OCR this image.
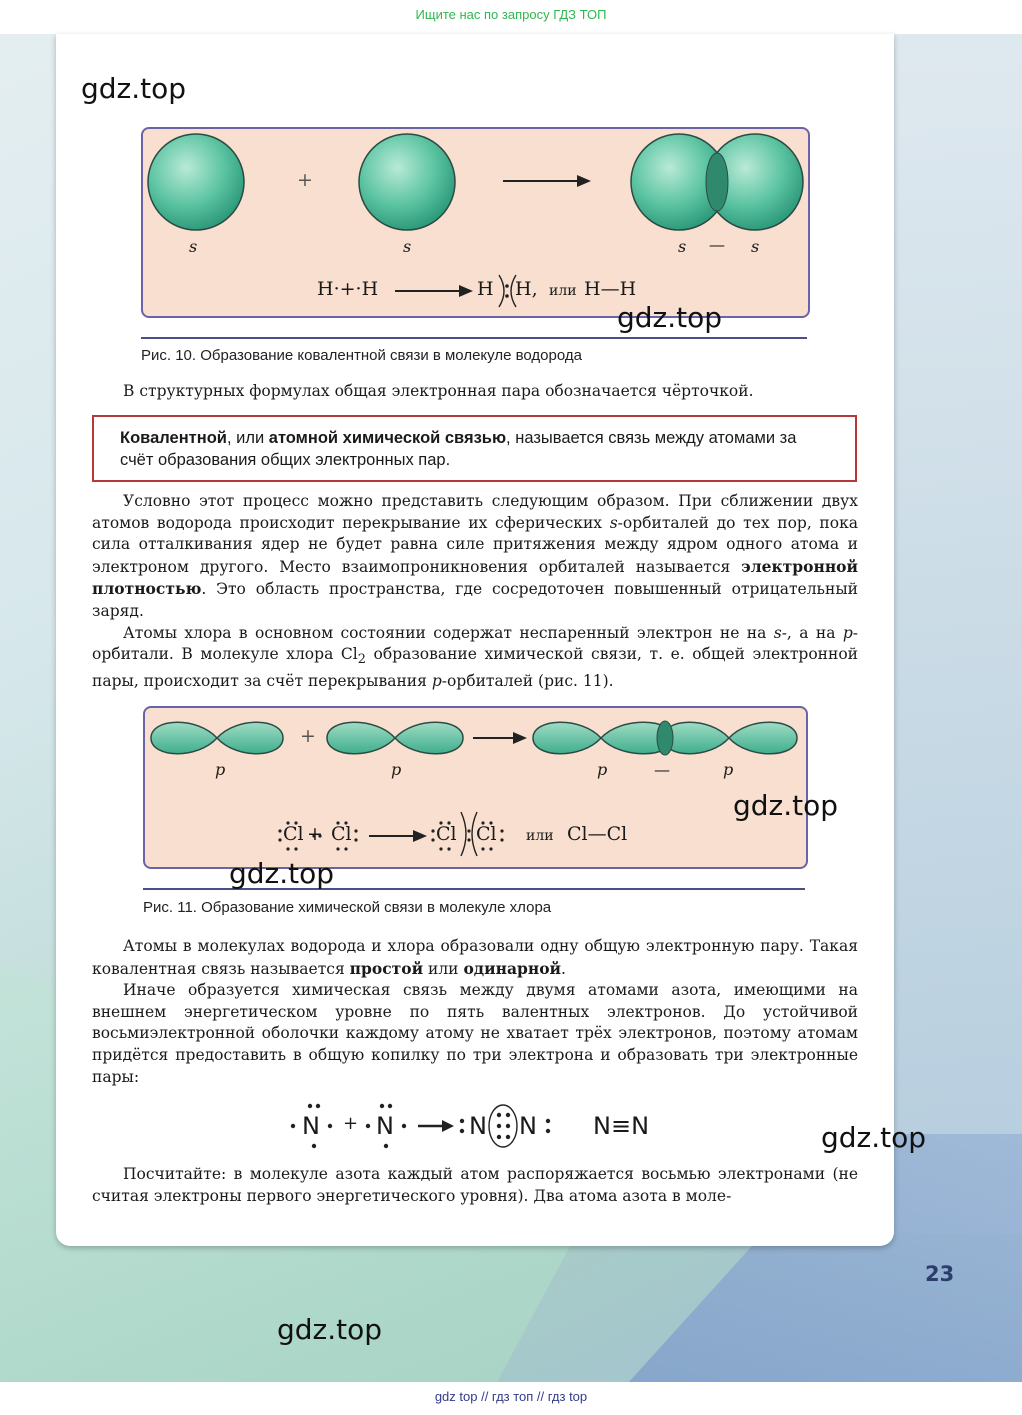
Ищите нас по запросу ГДЗ ТОП
+
s	s	s — s
H·+·H	H H, или H—H
Рис. 10. Образование ковалентной связи в молекуле водорода

В структурных формулах общая электронная пара обозначается чёрточкой.

Ковалентной, или атомной химической связью, называется связь между атомами за счёт образования общих электронных пар.

Условно этот процесс можно представить следующим образом. При сближении двух атомов водорода происходит перекрывание их сферических s-орбиталей до тех пор, пока сила отталкивания ядер не будет равна силе притяжения между ядром одного атома и электроном другого. Место взаимопроникновения орбиталей называется электронной плотностью. Это область пространства, где сосредоточен повышенный отрицательный заряд.

Атомы хлора в основном состоянии содержат неспаренный электрон не на s-, а на p-орбитали. В молекуле хлора $Cl_2$ образование химической связи, т. е. общей электронной пары, происходит за счёт перекрывания p-орбиталей (рис. 11).

+
p	p	p	—	p
Cl + Cl	Cl Cl или Cl—Cl
Рис. 11. Образование химической связи в молекуле хлора

Атомы в молекулах водорода и хлора образовали одну общую электронную пару. Такая ковалентная связь называется простой или одинарной.

Иначе образуется химическая связь между двумя атомами азота, имеющими на внешнем энергетическом уровне по пять валентных электронов. До устойчивой восьмиэлектронной оболочки каждому атому не хватает трёх электронов, поэтому атомам придётся предоставить в общую копилку по три электрона и образовать три электронные пары:

N + N	N N N≡N

Посчитайте: в молекуле азота каждый атом распоряжается восьмью электронами (не считая электроны первого энергетического уровня). Два атома азота в моле-

gdz.top
gdz.top
gdz.top
gdz.top
gdz.top
gdz.top
23
gdz top // гдз топ // гдз top
